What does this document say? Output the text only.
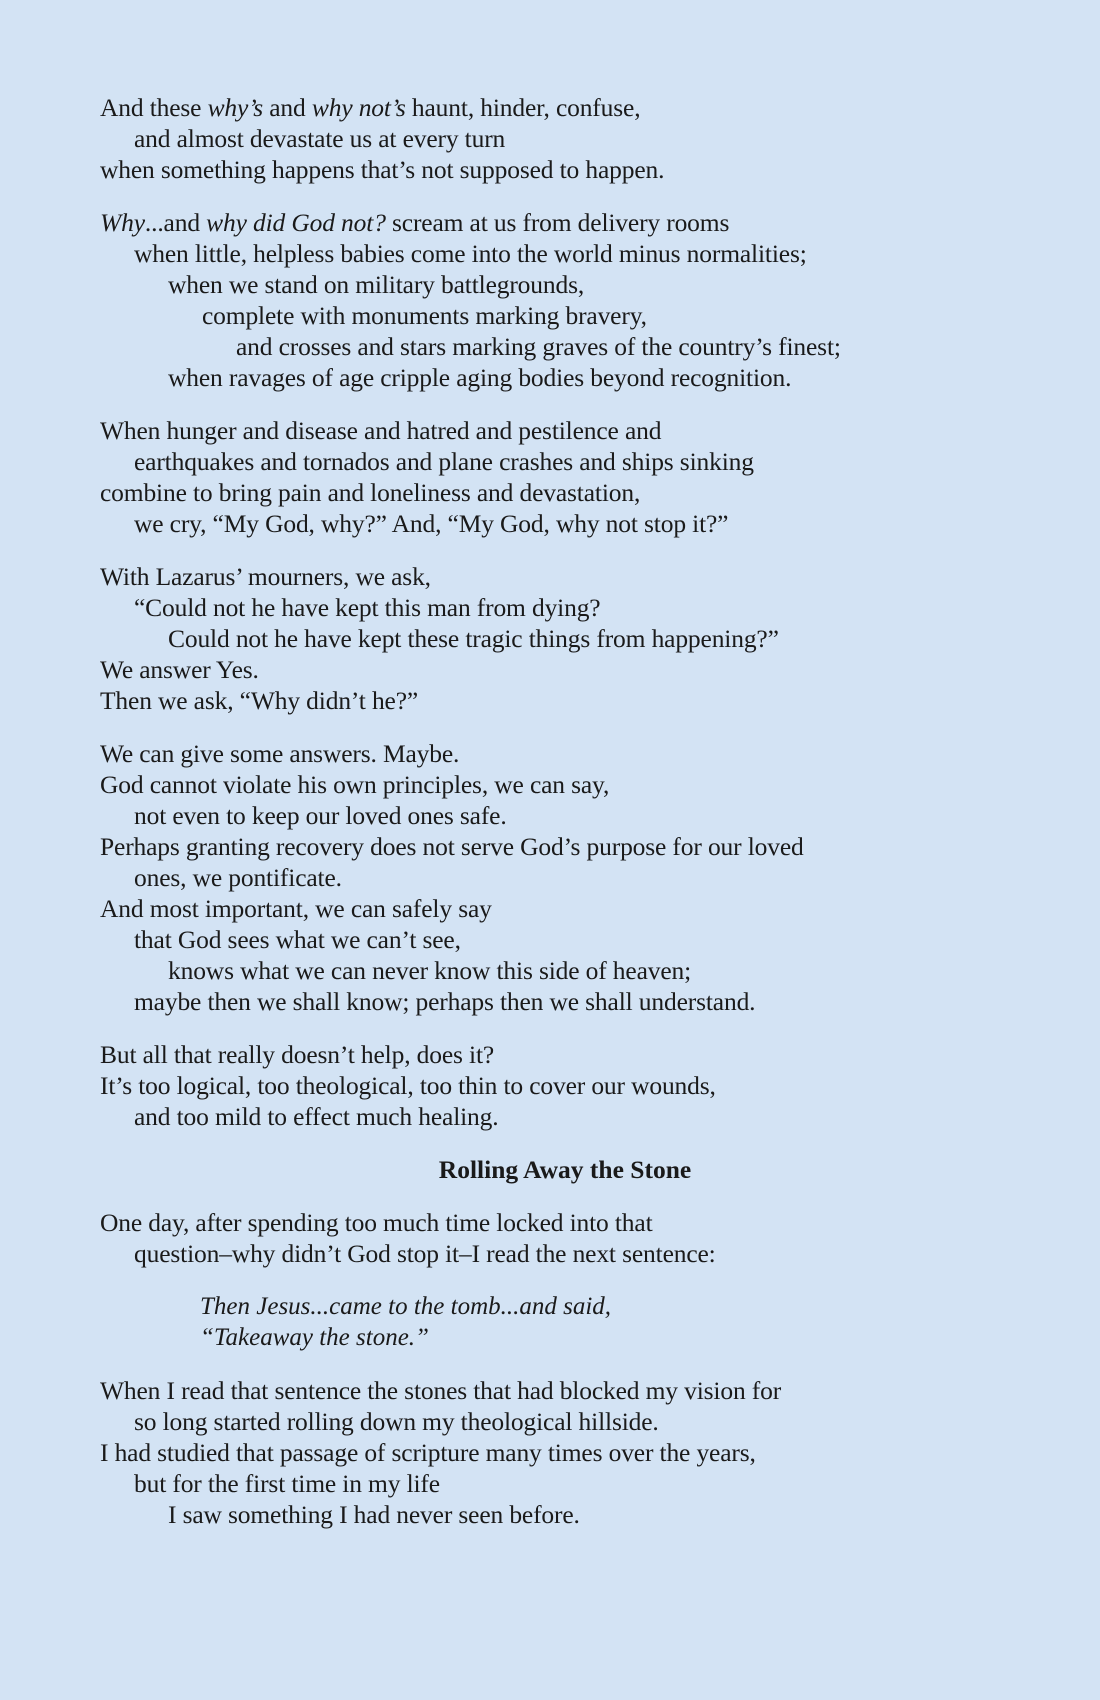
And these why’s and why not’s haunt, hinder, confuse,
and almost devastate us at every turn
when something happens that’s not supposed to happen.
Why...and why did God not? scream at us from delivery rooms
when little, helpless babies come into the world minus normalities;
when we stand on military battlegrounds,
complete with monuments marking bravery,
and crosses and stars marking graves of the country’s finest;
when ravages of age cripple aging bodies beyond recognition.
When hunger and disease and hatred and pestilence and
earthquakes and tornados and plane crashes and ships sinking
combine to bring pain and loneliness and devastation,
we cry, “My God, why?” And, “My God, why not stop it?”
With Lazarus’ mourners, we ask,
“Could not he have kept this man from dying?
Could not he have kept these tragic things from happening?”
We answer Yes.
Then we ask, “Why didn’t he?”
We can give some answers. Maybe.
God cannot violate his own principles, we can say,
not even to keep our loved ones safe.
Perhaps granting recovery does not serve God’s purpose for our loved
ones, we pontificate.
And most important, we can safely say
that God sees what we can’t see,
knows what we can never know this side of heaven;
maybe then we shall know; perhaps then we shall understand.
But all that really doesn’t help, does it?
It’s too logical, too theological, too thin to cover our wounds,
and too mild to effect much healing.
Rolling Away the Stone
One day, after spending too much time locked into that
question–why didn’t God stop it–I read the next sentence:
Then Jesus...came to the tomb...and said,
“Takeaway the stone.”
When I read that sentence the stones that had blocked my vision for
so long started rolling down my theological hillside.
I had studied that passage of scripture many times over the years,
but for the first time in my life
I saw something I had never seen before.
